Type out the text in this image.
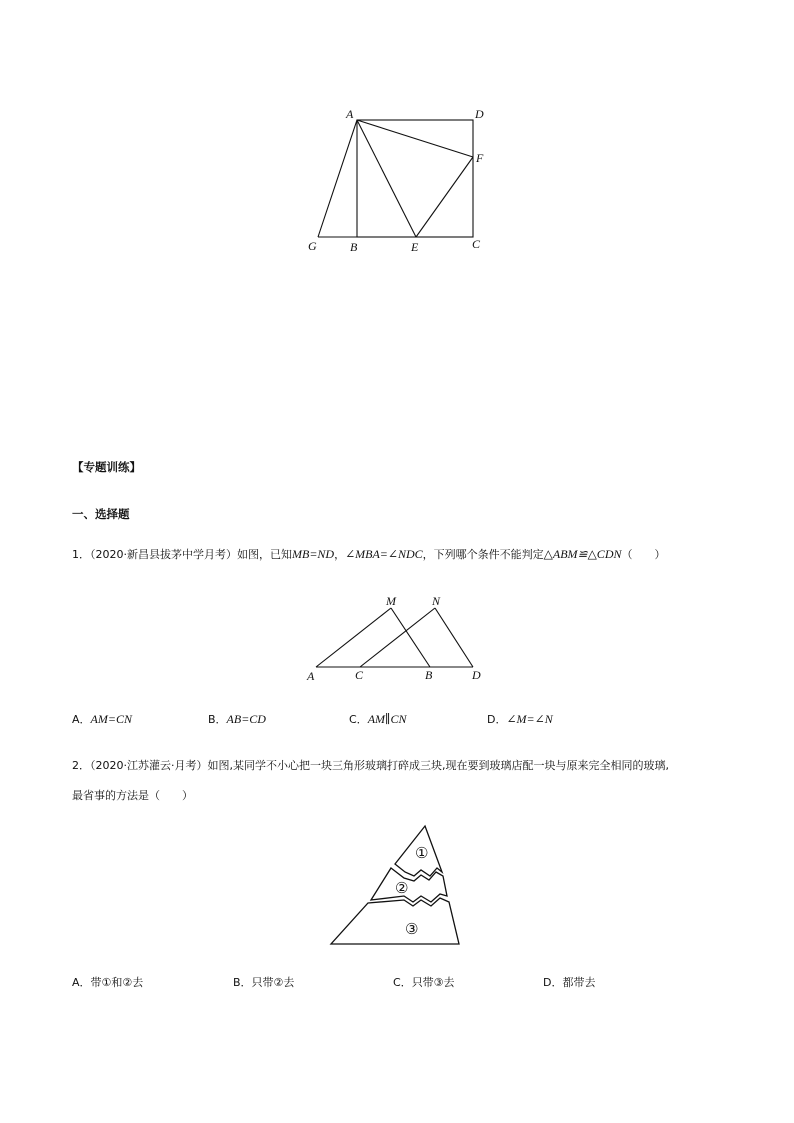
A	D
F
G	B	E	C
【专题训练】
一、选择题
1．（2020·新昌县拔茅中学月考）如图，已知MB=ND，∠MBA=∠NDC，下列哪个条件不能判定△ABM≌△CDN（　　）
M	N
A	C	B	D
A．AM=CN	B．AB=CD	C．AM∥CN	D．∠M=∠N
2．（2020·江苏灌云·月考）如图,某同学不小心把一块三角形玻璃打碎成三块,现在要到玻璃店配一块与原来完全相同的玻璃,
最省事的方法是（　　）
①
②
③
A．带①和②去	B．只带②去	C．只带③去	D．都带去
